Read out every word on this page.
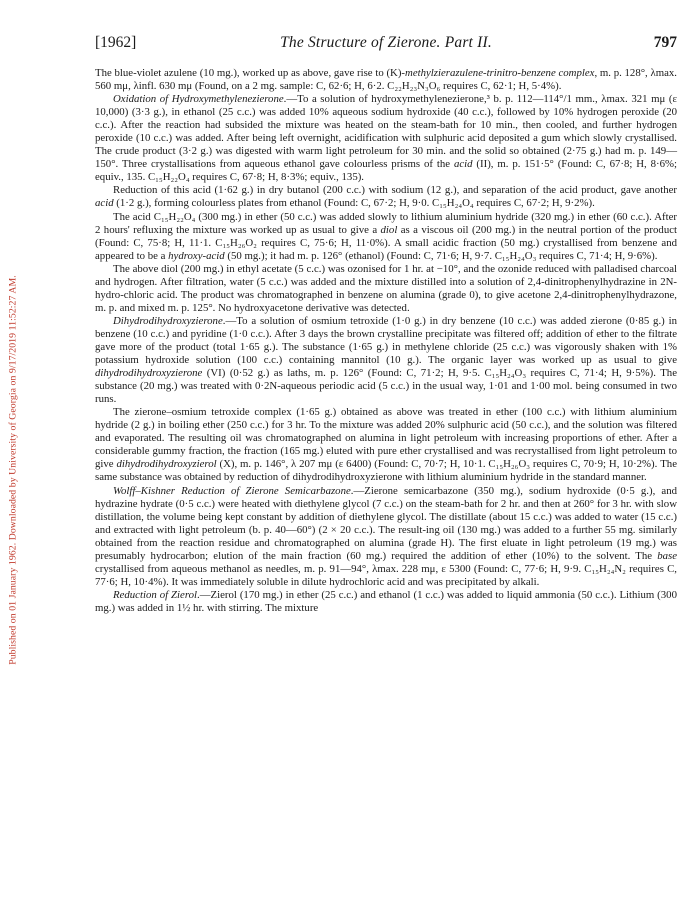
[1962]	The Structure of Zierone. Part II.	797
Published on 01 January 1962. Downloaded by University of Georgia on 9/17/2019 11:52:27 AM.

The blue-violet azulene (10 mg.), worked up as above, gave rise to (K)-methylzierazulene-trinitro-benzene complex, m. p. 128°, λmax. 560 mμ, λinfl. 630 mμ (Found, on a 2 mg. sample: C, 62·6; H, 6·2. C₂₂H₂₃N₃O₆ requires C, 62·1; H, 5·4%).

Oxidation of Hydroxymethylenezierone.—To a solution of hydroxymethylenezierone,³ b. p. 112—114°/1 mm., λmax. 321 mμ (ε 10,000) (3·3 g.), in ethanol (25 c.c.) was added 10% aqueous sodium hydroxide (40 c.c.), followed by 10% hydrogen peroxide (20 c.c.). After the reaction had subsided the mixture was heated on the steam-bath for 10 min., then cooled, and further hydrogen peroxide (10 c.c.) was added. After being left overnight, acidification with sulphuric acid deposited a gum which slowly crystallised. The crude product (3·2 g.) was digested with warm light petroleum for 30 min. and the solid so obtained (2·75 g.) had m. p. 149—150°. Three crystallisations from aqueous ethanol gave colourless prisms of the acid (II), m. p. 151·5° (Found: C, 67·8; H, 8·6%; equiv., 135. C₁₅H₂₂O₄ requires C, 67·8; H, 8·3%; equiv., 135).

Reduction of this acid (1·62 g.) in dry butanol (200 c.c.) with sodium (12 g.), and separation of the acid product, gave another acid (1·2 g.), forming colourless plates from ethanol (Found: C, 67·2; H, 9·0. C₁₅H₂₄O₄ requires C, 67·2; H, 9·2%).

The acid C₁₅H₂₂O₄ (300 mg.) in ether (50 c.c.) was added slowly to lithium aluminium hydride (320 mg.) in ether (60 c.c.). After 2 hours' refluxing the mixture was worked up as usual to give a diol as a viscous oil (200 mg.) in the neutral portion of the product (Found: C, 75·8; H, 11·1. C₁₅H₂₆O₂ requires C, 75·6; H, 11·0%). A small acidic fraction (50 mg.) crystallised from benzene and appeared to be a hydroxy-acid (50 mg.); it had m. p. 126° (ethanol) (Found: C, 71·6; H, 9·7. C₁₅H₂₄O₃ requires C, 71·4; H, 9·6%).

The above diol (200 mg.) in ethyl acetate (5 c.c.) was ozonised for 1 hr. at −10°, and the ozonide reduced with palladised charcoal and hydrogen. After filtration, water (5 c.c.) was added and the mixture distilled into a solution of 2,4-dinitrophenylhydrazine in 2N-hydro-chloric acid. The product was chromatographed in benzene on alumina (grade 0), to give acetone 2,4-dinitrophenylhydrazone, m. p. and mixed m. p. 125°. No hydroxyacetone derivative was detected.

Dihydrodihydroxyzierone.—To a solution of osmium tetroxide (1·0 g.) in dry benzene (10 c.c.) was added zierone (0·85 g.) in benzene (10 c.c.) and pyridine (1·0 c.c.). After 3 days the brown crystalline precipitate was filtered off; addition of ether to the filtrate gave more of the product (total 1·65 g.). The substance (1·65 g.) in methylene chloride (25 c.c.) was vigorously shaken with 1% potassium hydroxide solution (100 c.c.) containing mannitol (10 g.). The organic layer was worked up as usual to give dihydrodihydroxyzierone (VI) (0·52 g.) as laths, m. p. 126° (Found: C, 71·2; H, 9·5. C₁₅H₂₄O₃ requires C, 71·4; H, 9·5%). The substance (20 mg.) was treated with 0·2N-aqueous periodic acid (5 c.c.) in the usual way, 1·01 and 1·00 mol. being consumed in two runs.

The zierone–osmium tetroxide complex (1·65 g.) obtained as above was treated in ether (100 c.c.) with lithium aluminium hydride (2 g.) in boiling ether (250 c.c.) for 3 hr. To the mixture was added 20% sulphuric acid (50 c.c.), and the solution was filtered and evaporated. The resulting oil was chromatographed on alumina in light petroleum with increasing proportions of ether. After a considerable gummy fraction, the fraction (165 mg.) eluted with pure ether crystallised and was recrystallised from light petroleum to give dihydrodihydroxyzierol (X), m. p. 146°, λ 207 mμ (ε 6400) (Found: C, 70·7; H, 10·1. C₁₅H₂₆O₃ requires C, 70·9; H, 10·2%). The same substance was obtained by reduction of dihydrodihydroxyzierone with lithium aluminium hydride in the standard manner.

Wolff–Kishner Reduction of Zierone Semicarbazone.—Zierone semicarbazone (350 mg.), sodium hydroxide (0·5 g.), and hydrazine hydrate (0·5 c.c.) were heated with diethylene glycol (7 c.c.) on the steam-bath for 2 hr. and then at 260° for 3 hr. with slow distillation, the volume being kept constant by addition of diethylene glycol. The distillate (about 15 c.c.) was added to water (15 c.c.) and extracted with light petroleum (b. p. 40—60°) (2 × 20 c.c.). The result-ing oil (130 mg.) was added to a further 55 mg. similarly obtained from the reaction residue and chromatographed on alumina (grade H). The first eluate in light petroleum (19 mg.) was presumably hydrocarbon; elution of the main fraction (60 mg.) required the addition of ether (10%) to the solvent. The base crystallised from aqueous methanol as needles, m. p. 91—94°, λmax. 228 mμ, ε 5300 (Found: C, 77·6; H, 9·9. C₁₅H₂₄N₂ requires C, 77·6; H, 10·4%). It was immediately soluble in dilute hydrochloric acid and was precipitated by alkali.

Reduction of Zierol.—Zierol (170 mg.) in ether (25 c.c.) and ethanol (1 c.c.) was added to liquid ammonia (50 c.c.). Lithium (300 mg.) was added in 1½ hr. with stirring. The mixture
